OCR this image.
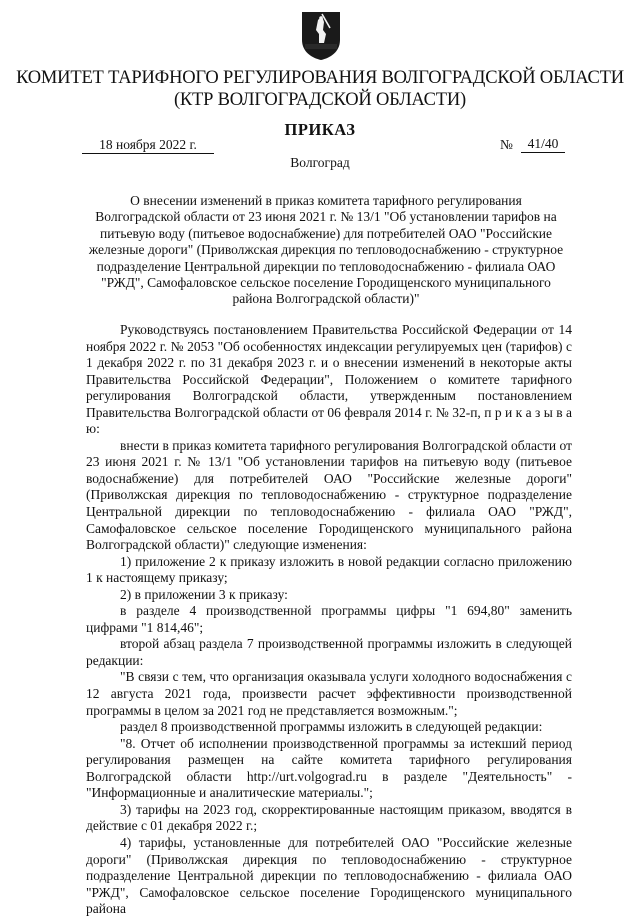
КОМИТЕТ ТАРИФНОГО РЕГУЛИРОВАНИЯ ВОЛГОГРАДСКОЙ ОБЛАСТИ
(КТР ВОЛГОГРАДСКОЙ ОБЛАСТИ)
ПРИКАЗ
18 ноября 2022 г.	№	41/40
Волгоград
О внесении изменений в приказ комитета тарифного регулирования Волгоградской области от 23 июня 2021 г. № 13/1 "Об установлении тарифов на питьевую воду (питьевое водоснабжение) для потребителей ОАО "Российские железные дороги" (Приволжская дирекция по тепловодоснабжению - структурное подразделение Центральной дирекции по тепловодоснабжению - филиала ОАО "РЖД", Самофаловское сельское поселение Городищенского муниципального района Волгоградской области)"

Руководствуясь постановлением Правительства Российской Федерации от 14 ноября 2022 г. № 2053 "Об особенностях индексации регулируемых цен (тарифов) с 1 декабря 2022 г. по 31 декабря 2023 г. и о внесении изменений в некоторые акты Правительства Российской Федерации", Положением о комитете тарифного регулирования Волгоградской области, утвержденным постановлением Правительства Волгоградской области от 06 февраля 2014 г. № 32-п, п р и к а з ы в а ю:

внести в приказ комитета тарифного регулирования Волгоградской области от 23 июня 2021 г. № 13/1 "Об установлении тарифов на питьевую воду (питьевое водоснабжение) для потребителей ОАО "Российские железные дороги" (Приволжская дирекция по тепловодоснабжению - структурное подразделение Центральной дирекции по тепловодоснабжению - филиала ОАО "РЖД", Самофаловское сельское поселение Городищенского муниципального района Волгоградской области)" следующие изменения:

1) приложение 2 к приказу изложить в новой редакции согласно приложению 1 к настоящему приказу;

2) в приложении 3 к приказу:

в разделе 4 производственной программы цифры "1 694,80" заменить цифрами "1 814,46";

второй абзац раздела 7 производственной программы изложить в следующей редакции:

"В связи с тем, что организация оказывала услуги холодного водоснабжения с 12 августа 2021 года, произвести расчет эффективности производственной программы в целом за 2021 год не представляется возможным.";

раздел 8 производственной программы изложить в следующей редакции:

"8. Отчет об исполнении производственной программы за истекший период регулирования размещен на сайте комитета тарифного регулирования Волгоградской области http://urt.volgograd.ru в разделе "Деятельность" - "Информационные и аналитические материалы.";

3) тарифы на 2023 год, скорректированные настоящим приказом, вводятся в действие с 01 декабря 2022 г.;

4) тарифы, установленные для потребителей ОАО "Российские железные дороги" (Приволжская дирекция по тепловодоснабжению - структурное подразделение Центральной дирекции по тепловодоснабжению - филиала ОАО "РЖД", Самофаловское сельское поселение Городищенского муниципального района
